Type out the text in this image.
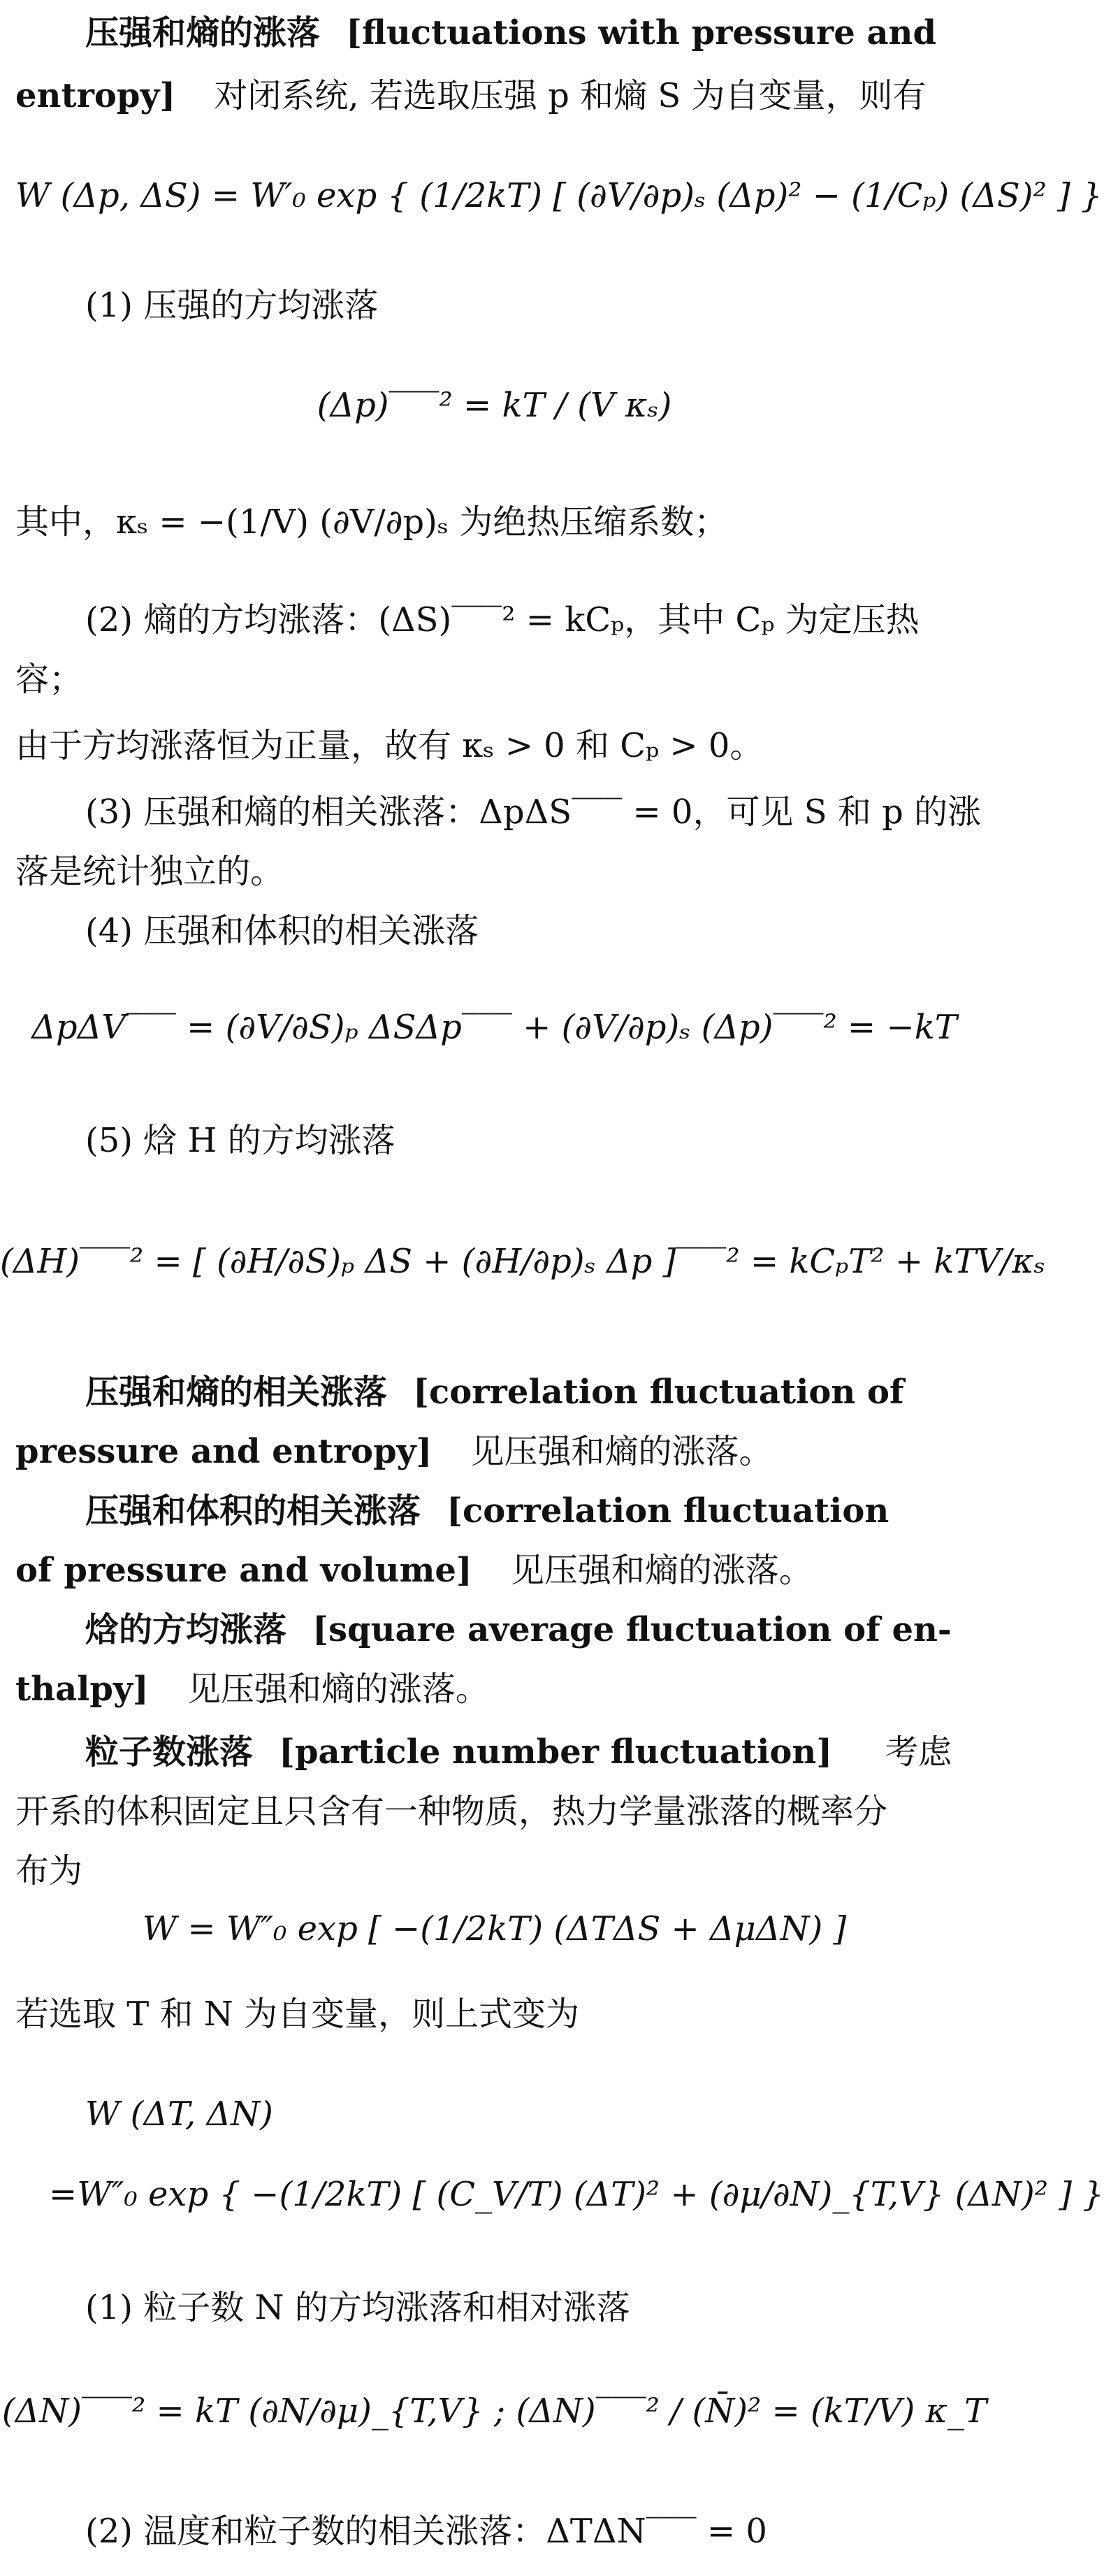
压强和熵的涨落 [fluctuations with pressure and
entropy] 对闭系统, 若选取压强 p 和熵 S 为自变量，则有
W (Δp, ΔS) = W′₀ exp { (1/2kT) [ (∂V/∂p)ₛ (Δp)² − (1/Cₚ) (ΔS)² ] }
(1) 压强的方均涨落
(Δp)‾‾‾² = kT / (V κₛ)
其中，κₛ = −(1/V) (∂V/∂p)ₛ 为绝热压缩系数；
(2) 熵的方均涨落：(ΔS)‾‾‾² = kCₚ，其中 Cₚ 为定压热
容；
由于方均涨落恒为正量，故有 κₛ > 0 和 Cₚ > 0。
(3) 压强和熵的相关涨落：ΔpΔS‾‾‾ = 0，可见 S 和 p 的涨
落是统计独立的。
(4) 压强和体积的相关涨落
ΔpΔV‾‾‾ = (∂V/∂S)ₚ ΔSΔp‾‾‾ + (∂V/∂p)ₛ (Δp)‾‾‾² = −kT
(5) 焓 H 的方均涨落
(ΔH)‾‾‾² = [ (∂H/∂S)ₚ ΔS + (∂H/∂p)ₛ Δp ]‾‾‾² = kCₚT² + kTV/κₛ
压强和熵的相关涨落 [correlation fluctuation of
pressure and entropy] 见压强和熵的涨落。
压强和体积的相关涨落 [correlation fluctuation
of pressure and volume] 见压强和熵的涨落。
焓的方均涨落 [square average fluctuation of en-
thalpy] 见压强和熵的涨落。
粒子数涨落 [particle number fluctuation] 考虑
开系的体积固定且只含有一种物质，热力学量涨落的概率分
布为
W = W″₀ exp [ −(1/2kT) (ΔTΔS + ΔμΔN) ]
若选取 T 和 N 为自变量，则上式变为
W (ΔT, ΔN)
=W″₀ exp { −(1/2kT) [ (C_V/T) (ΔT)² + (∂μ/∂N)_{T,V} (ΔN)² ] }
(1) 粒子数 N 的方均涨落和相对涨落
(ΔN)‾‾‾² = kT (∂N/∂μ)_{T,V} ; (ΔN)‾‾‾² / (N̄)² = (kT/V) κ_T
(2) 温度和粒子数的相关涨落：ΔTΔN‾‾‾ = 0
